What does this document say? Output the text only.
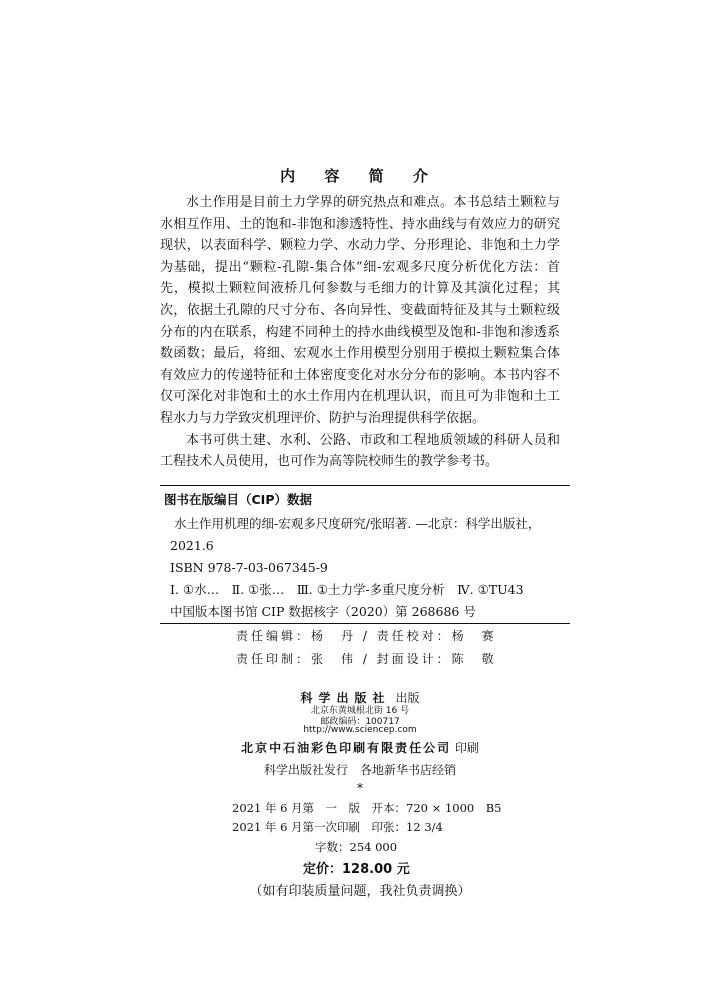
内 容 简 介

水土作用是目前土力学界的研究热点和难点。本书总结土颗粒与水相互作用、土的饱和-非饱和渗透特性、持水曲线与有效应力的研究现状，以表面科学、颗粒力学、水动力学、分形理论、非饱和土力学为基础，提出“颗粒-孔隙-集合体”细-宏观多尺度分析优化方法：首先，模拟土颗粒间液桥几何参数与毛细力的计算及其演化过程；其次，依据土孔隙的尺寸分布、各向异性、变截面特征及其与土颗粒级分布的内在联系，构建不同种土的持水曲线模型及饱和-非饱和渗透系数函数；最后，将细、宏观水土作用模型分别用于模拟土颗粒集合体有效应力的传递特征和土体密度变化对水分分布的影响。本书内容不仅可深化对非饱和土的水土作用内在机理认识，而且可为非饱和土工程水力与力学致灾机理评价、防护与治理提供科学依据。

本书可供土建、水利、公路、市政和工程地质领域的科研人员和工程技术人员使用，也可作为高等院校师生的教学参考书。

图书在版编目（CIP）数据
水土作用机理的细-宏观多尺度研究/张昭著. —北京：科学出版社，
2021.6
ISBN 978-7-03-067345-9
Ⅰ. ①水…　Ⅱ. ①张…　Ⅲ. ①土力学-多重尺度分析　Ⅳ. ①TU43
中国版本图书馆 CIP 数据核字（2020）第 268686 号
责任编辑：杨　丹 / 责任校对：杨　赛
责任印制：张　伟 / 封面设计：陈　敬
科学出版社 出版
北京东黄城根北街 16 号
邮政编码：100717
http://www.sciencep.com
北京中石油彩色印刷有限责任公司 印刷
科学出版社发行　各地新华书店经销
*
2021 年 6 月第　一　版　开本：720 × 1000　B5
2021 年 6 月第一次印刷　印张：12 3/4
字数：254 000
定价：128.00 元
（如有印装质量问题，我社负责调换）
